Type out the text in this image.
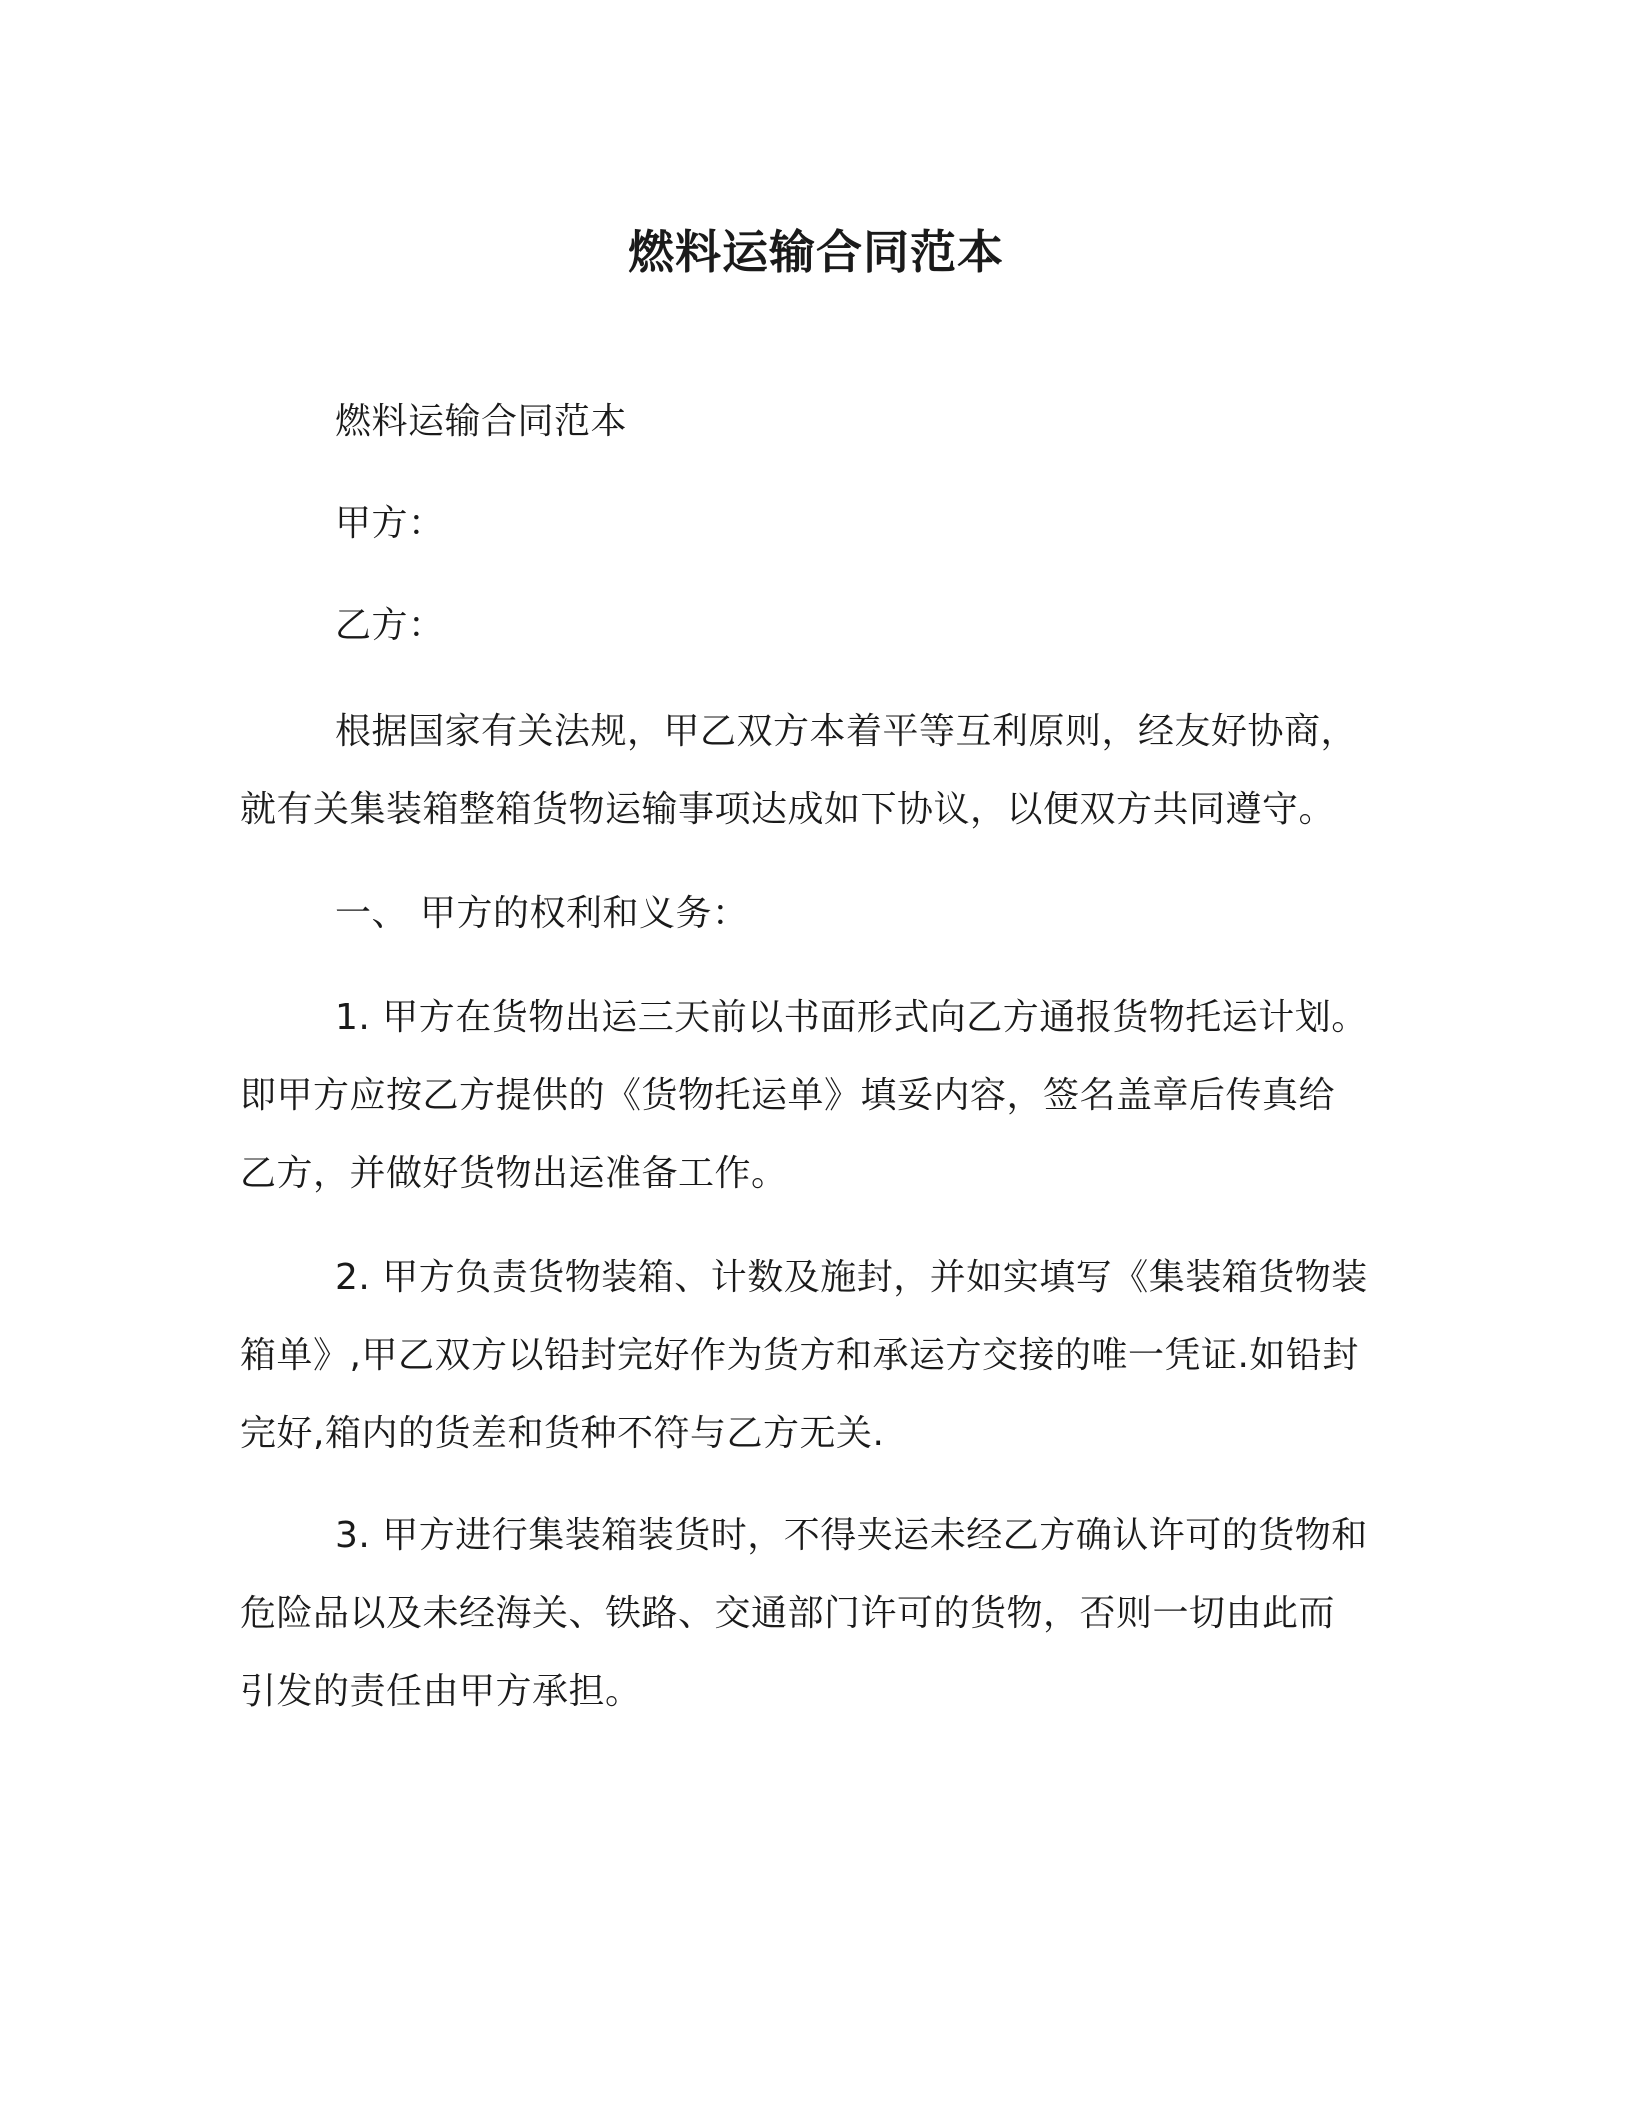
燃料运输合同范本
燃料运输合同范本
甲方：
乙方：
根据国家有关法规，甲乙双方本着平等互利原则，经友好协商，
就有关集装箱整箱货物运输事项达成如下协议，以便双方共同遵守。
一、 甲方的权利和义务：
1. 甲方在货物出运三天前以书面形式向乙方通报货物托运计划。
即甲方应按乙方提供的《货物托运单》填妥内容，签名盖章后传真给
乙方，并做好货物出运准备工作。
2. 甲方负责货物装箱、计数及施封，并如实填写《集装箱货物装
箱单》,甲乙双方以铅封完好作为货方和承运方交接的唯一凭证.如铅封
完好,箱内的货差和货种不符与乙方无关.
3. 甲方进行集装箱装货时，不得夹运未经乙方确认许可的货物和
危险品以及未经海关、铁路、交通部门许可的货物，否则一切由此而
引发的责任由甲方承担。
